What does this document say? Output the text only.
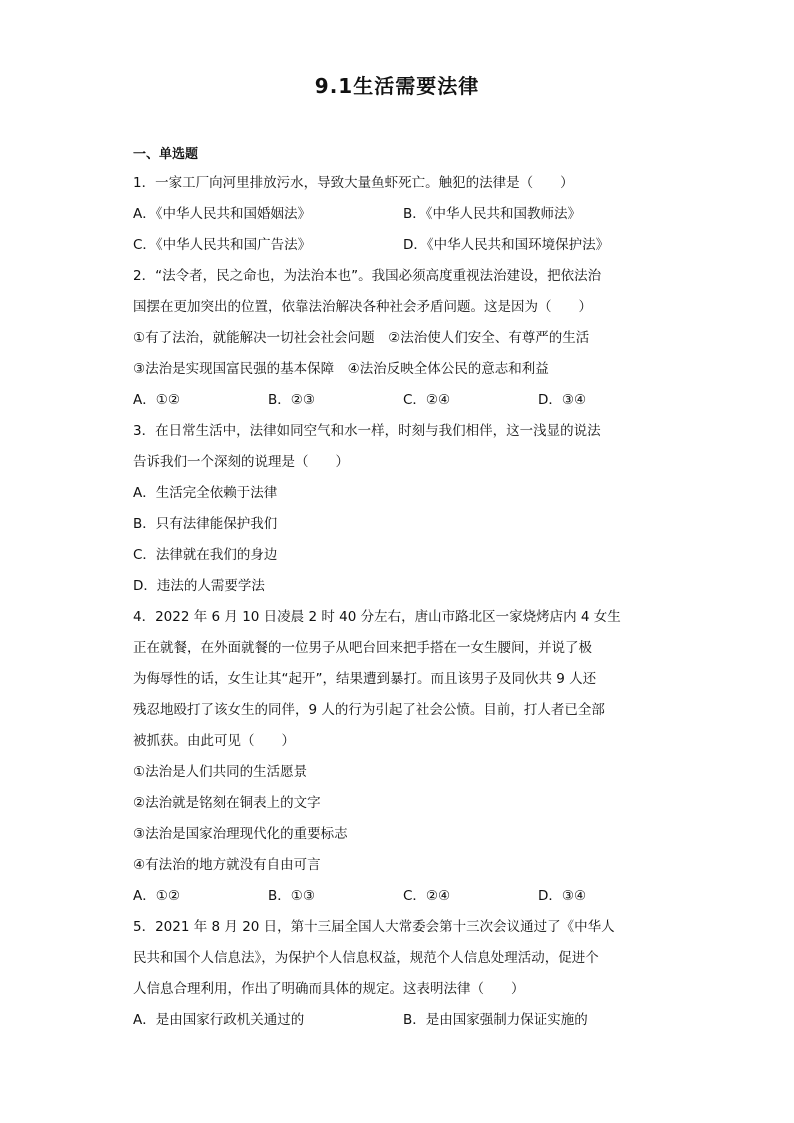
9.1生活需要法律
一、单选题
1．一家工厂向河里排放污水，导致大量鱼虾死亡。触犯的法律是（　　）
A．《中华人民共和国婚姻法》	B．《中华人民共和国教师法》
C．《中华人民共和国广告法》	D．《中华人民共和国环境保护法》
2．“法令者，民之命也，为法治本也”。我国必须高度重视法治建设，把依法治
国摆在更加突出的位置，依靠法治解决各种社会矛盾问题。这是因为（　　）
①有了法治，就能解决一切社会社会问题　②法治使人们安全、有尊严的生活
③法治是实现国富民强的基本保障　④法治反映全体公民的意志和利益
A．①②	B．②③	C．②④	D．③④
3．在日常生活中，法律如同空气和水一样，时刻与我们相伴，这一浅显的说法
告诉我们一个深刻的说理是（　　）
A．生活完全依赖于法律
B．只有法律能保护我们
C．法律就在我们的身边
D．违法的人需要学法
4．2022 年 6 月 10 日凌晨 2 时 40 分左右，唐山市路北区一家烧烤店内 4 女生
正在就餐，在外面就餐的一位男子从吧台回来把手搭在一女生腰间，并说了极
为侮辱性的话，女生让其“起开”，结果遭到暴打。而且该男子及同伙共 9 人还
残忍地殴打了该女生的同伴，9 人的行为引起了社会公愤。目前，打人者已全部
被抓获。由此可见（　　）
①法治是人们共同的生活愿景
②法治就是铭刻在铜表上的文字
③法治是国家治理现代化的重要标志
④有法治的地方就没有自由可言
A．①②	B．①③	C．②④	D．③④
5．2021 年 8 月 20 日，第十三届全国人大常委会第十三次会议通过了《中华人
民共和国个人信息法》，为保护个人信息权益，规范个人信息处理活动，促进个
人信息合理利用，作出了明确而具体的规定。这表明法律（　　）
A．是由国家行政机关通过的	B．是由国家强制力保证实施的
